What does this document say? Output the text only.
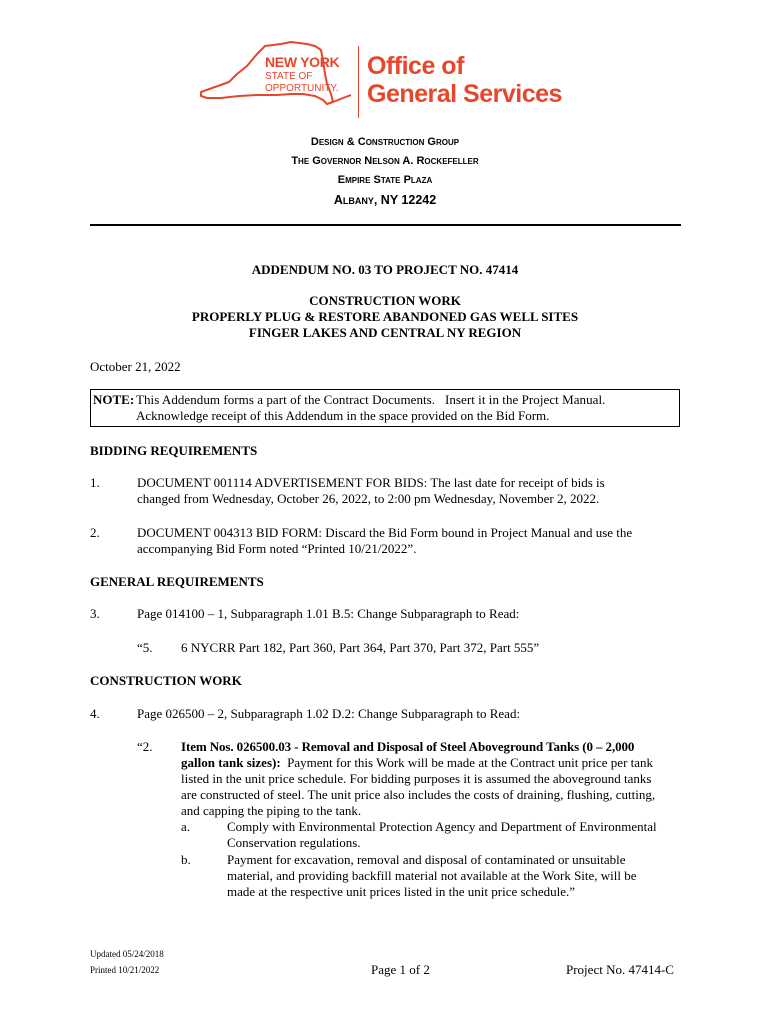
NEW YORK
STATE OF
OPPORTUNITY.
Office of
General Services
Design & Construction Group
The Governor Nelson A. Rockefeller
Empire State Plaza
Albany, NY 12242
ADDENDUM NO. 03 TO PROJECT NO. 47414
CONSTRUCTION WORK
PROPERLY PLUG & RESTORE ABANDONED GAS WELL SITES
FINGER LAKES AND CENTRAL NY REGION
October 21, 2022
NOTE: This Addendum forms a part of the Contract Documents.   Insert it in the Project Manual.
Acknowledge receipt of this Addendum in the space provided on the Bid Form.
BIDDING REQUIREMENTS
1.	DOCUMENT 001114 ADVERTISEMENT FOR BIDS: The last date for receipt of bids is
changed from Wednesday, October 26, 2022, to 2:00 pm Wednesday, November 2, 2022.
2.	DOCUMENT 004313 BID FORM: Discard the Bid Form bound in Project Manual and use the
accompanying Bid Form noted “Printed 10/21/2022”.
GENERAL REQUIREMENTS
3.	Page 014100 – 1, Subparagraph 1.01 B.5: Change Subparagraph to Read:
“5. 6 NYCRR Part 182, Part 360, Part 364, Part 370, Part 372, Part 555”
CONSTRUCTION WORK
4.	Page 026500 – 2, Subparagraph 1.02 D.2: Change Subparagraph to Read:
“2. Item Nos. 026500.03 - Removal and Disposal of Steel Aboveground Tanks (0 – 2,000
gallon tank sizes):  Payment for this Work will be made at the Contract unit price per tank
listed in the unit price schedule. For bidding purposes it is assumed the aboveground tanks
are constructed of steel. The unit price also includes the costs of draining, flushing, cutting,
and capping the piping to the tank.
a.	Comply with Environmental Protection Agency and Department of Environmental
Conservation regulations.
b.	Payment for excavation, removal and disposal of contaminated or unsuitable
material, and providing backfill material not available at the Work Site, will be
made at the respective unit prices listed in the unit price schedule.”
Updated 05/24/2018
Printed 10/21/2022	Page 1 of 2	Project No. 47414-C
